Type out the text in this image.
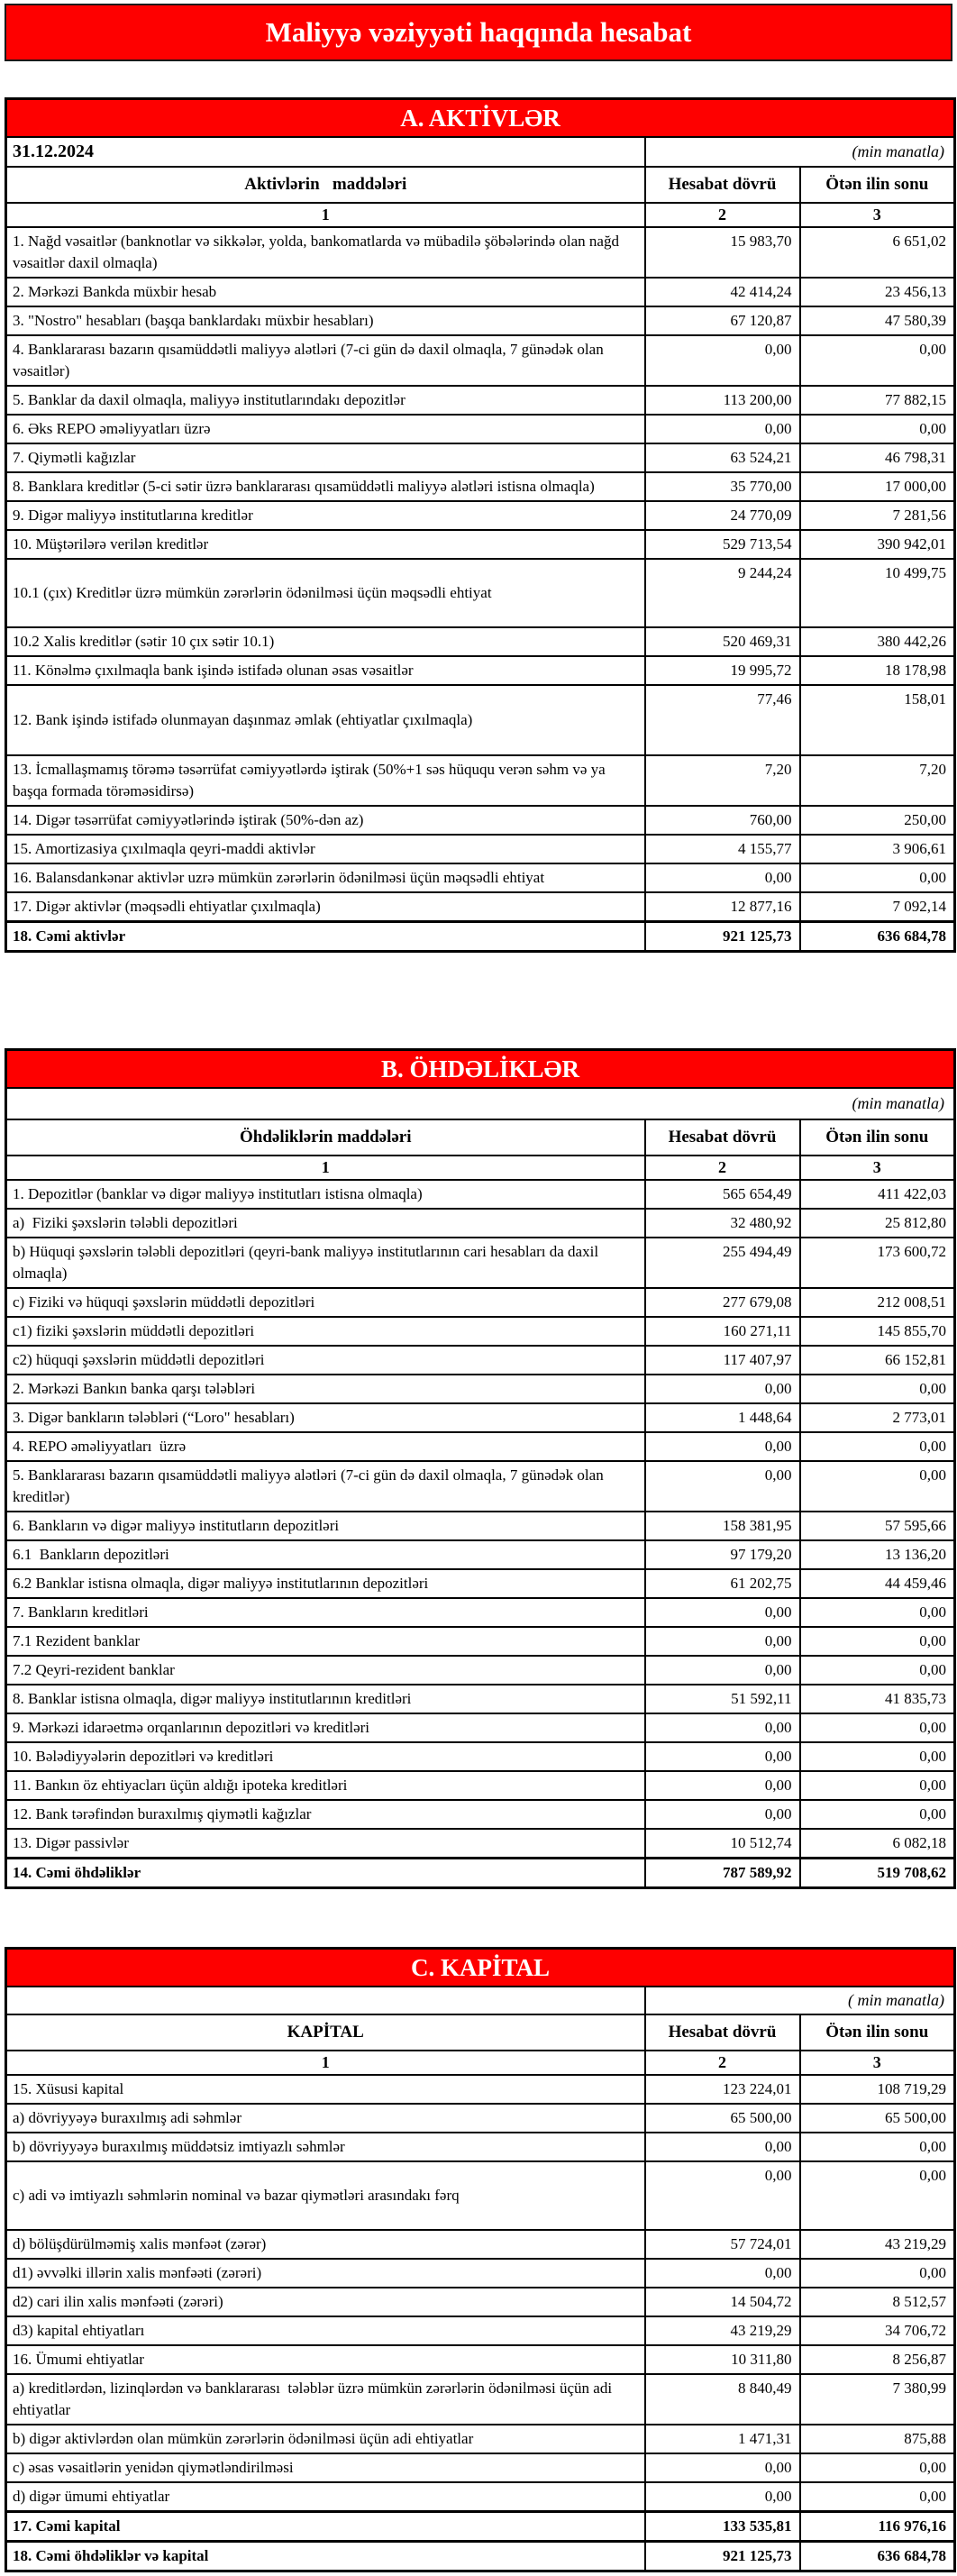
Maliyyə vəziyyəti haqqında hesabat
A. AKTİVLƏR		
31.12.2024	(min manatla)	
Aktivlərin   maddələri	Hesabat dövrü	Ötən ilin sonu
1	2	3
1. Nağd vəsaitlər (banknotlar və sikkələr, yolda, bankomatlarda və mübadilə şöbələrində olan nağd vəsaitlər daxil olmaqla)	15 983,70	6 651,02
2. Mərkəzi Bankda müxbir hesab	42 414,24	23 456,13
3. "Nostro" hesabları (başqa banklardakı müxbir hesabları)	67 120,87	47 580,39
4. Banklararası bazarın qısamüddətli maliyyə alətləri (7-ci gün də daxil olmaqla, 7 günədək olan vəsaitlər)	0,00	0,00
5. Banklar da daxil olmaqla, maliyyə institutlarındakı depozitlər	113 200,00	77 882,15
6. Əks REPO əməliyyatları üzrə	0,00	0,00
7. Qiymətli kağızlar	63 524,21	46 798,31
8. Banklara kreditlər (5-ci sətir üzrə banklararası qısamüddətli maliyyə alətləri istisna olmaqla)	35 770,00	17 000,00
9. Digər maliyyə institutlarına kreditlər	24 770,09	7 281,56
10. Müştərilərə verilən kreditlər	529 713,54	390 942,01
10.1 (çıx) Kreditlər üzrə mümkün zərərlərin ödənilməsi üçün məqsədli ehtiyat	9 244,24	10 499,75
10.2 Xalis kreditlər (sətir 10 çıx sətir 10.1)	520 469,31	380 442,26
11. Könəlmə çıxılmaqla bank işində istifadə olunan əsas vəsaitlər	19 995,72	18 178,98
12. Bank işində istifadə olunmayan daşınmaz əmlak (ehtiyatlar çıxılmaqla)	77,46	158,01
13. İcmallaşmamış törəmə təsərrüfat cəmiyyətlərdə iştirak (50%+1 səs hüququ verən səhm və ya başqa formada törəməsidirsə)	7,20	7,20
14. Digər təsərrüfat cəmiyyətlərində iştirak (50%-dən az)	760,00	250,00
15. Amortizasiya çıxılmaqla qeyri-maddi aktivlər	4 155,77	3 906,61
16. Balansdankənar aktivlər uzrə mümkün zərərlərin ödənilməsi üçün məqsədli ehtiyat	0,00	0,00
17. Digər aktivlər (məqsədli ehtiyatlar çıxılmaqla)	12 877,16	7 092,14
18. Cəmi aktivlər	921 125,73	636 684,78
B. ÖHDƏLİKLƏR		
(min manatla)		
Öhdəliklərin maddələri	Hesabat dövrü	Ötən ilin sonu
1	2	3
1. Depozitlər (banklar və digər maliyyə institutları istisna olmaqla)	565 654,49	411 422,03
a)  Fiziki şəxslərin tələbli depozitləri	32 480,92	25 812,80
b) Hüquqi şəxslərin tələbli depozitləri (qeyri-bank maliyyə institutlarının cari hesabları da daxil olmaqla)	255 494,49	173 600,72
c) Fiziki və hüquqi şəxslərin müddətli depozitləri	277 679,08	212 008,51
c1) fiziki şəxslərin müddətli depozitləri	160 271,11	145 855,70
c2) hüquqi şəxslərin müddətli depozitləri	117 407,97	66 152,81
2. Mərkəzi Bankın banka qarşı tələbləri	0,00	0,00
3. Digər bankların tələbləri (“Loro" hesabları)	1 448,64	2 773,01
4. REPO əməliyyatları  üzrə	0,00	0,00
5. Banklararası bazarın qısamüddətli maliyyə alətləri (7-ci gün də daxil olmaqla, 7 günədək olan kreditlər)	0,00	0,00
6. Bankların və digər maliyyə institutların depozitləri	158 381,95	57 595,66
6.1  Bankların depozitləri	97 179,20	13 136,20
6.2 Banklar istisna olmaqla, digər maliyyə institutlarının depozitləri	61 202,75	44 459,46
7. Bankların kreditləri	0,00	0,00
7.1 Rezident banklar	0,00	0,00
7.2 Qeyri-rezident banklar	0,00	0,00
8. Banklar istisna olmaqla, digər maliyyə institutlarının kreditləri	51 592,11	41 835,73
9. Mərkəzi idarəetmə orqanlarının depozitləri və kreditləri	0,00	0,00
10. Bələdiyyələrin depozitləri və kreditləri	0,00	0,00
11. Bankın öz ehtiyacları üçün aldığı ipoteka kreditləri	0,00	0,00
12. Bank tərəfindən buraxılmış qiymətli kağızlar	0,00	0,00
13. Digər passivlər	10 512,74	6 082,18
14. Cəmi öhdəliklər	787 589,92	519 708,62
C. KAPİTAL		
	( min manatla)	
KAPİTAL	Hesabat dövrü	Ötən ilin sonu
1	2	3
15. Xüsusi kapital	123 224,01	108 719,29
a) dövriyyəyə buraxılmış adi səhmlər	65 500,00	65 500,00
b) dövriyyəyə buraxılmış müddətsiz imtiyazlı səhmlər	0,00	0,00
c) adi və imtiyazlı səhmlərin nominal və bazar qiymətləri arasındakı fərq	0,00	0,00
d) bölüşdürülməmiş xalis mənfəət (zərər)	57 724,01	43 219,29
d1) əvvəlki illərin xalis mənfəəti (zərəri)	0,00	0,00
d2) cari ilin xalis mənfəəti (zərəri)	14 504,72	8 512,57
d3) kapital ehtiyatları	43 219,29	34 706,72
16. Ümumi ehtiyatlar	10 311,80	8 256,87
a) kreditlərdən, lizinqlərdən və banklararası  tələblər üzrə mümkün zərərlərin ödənilməsi üçün adi ehtiyatlar	8 840,49	7 380,99
b) digər aktivlərdən olan mümkün zərərlərin ödənilməsi üçün adi ehtiyatlar	1 471,31	875,88
c) əsas vəsaitlərin yenidən qiymətləndirilməsi	0,00	0,00
d) digər ümumi ehtiyatlar	0,00	0,00
17. Cəmi kapital	133 535,81	116 976,16
18. Cəmi öhdəliklər və kapital	921 125,73	636 684,78
